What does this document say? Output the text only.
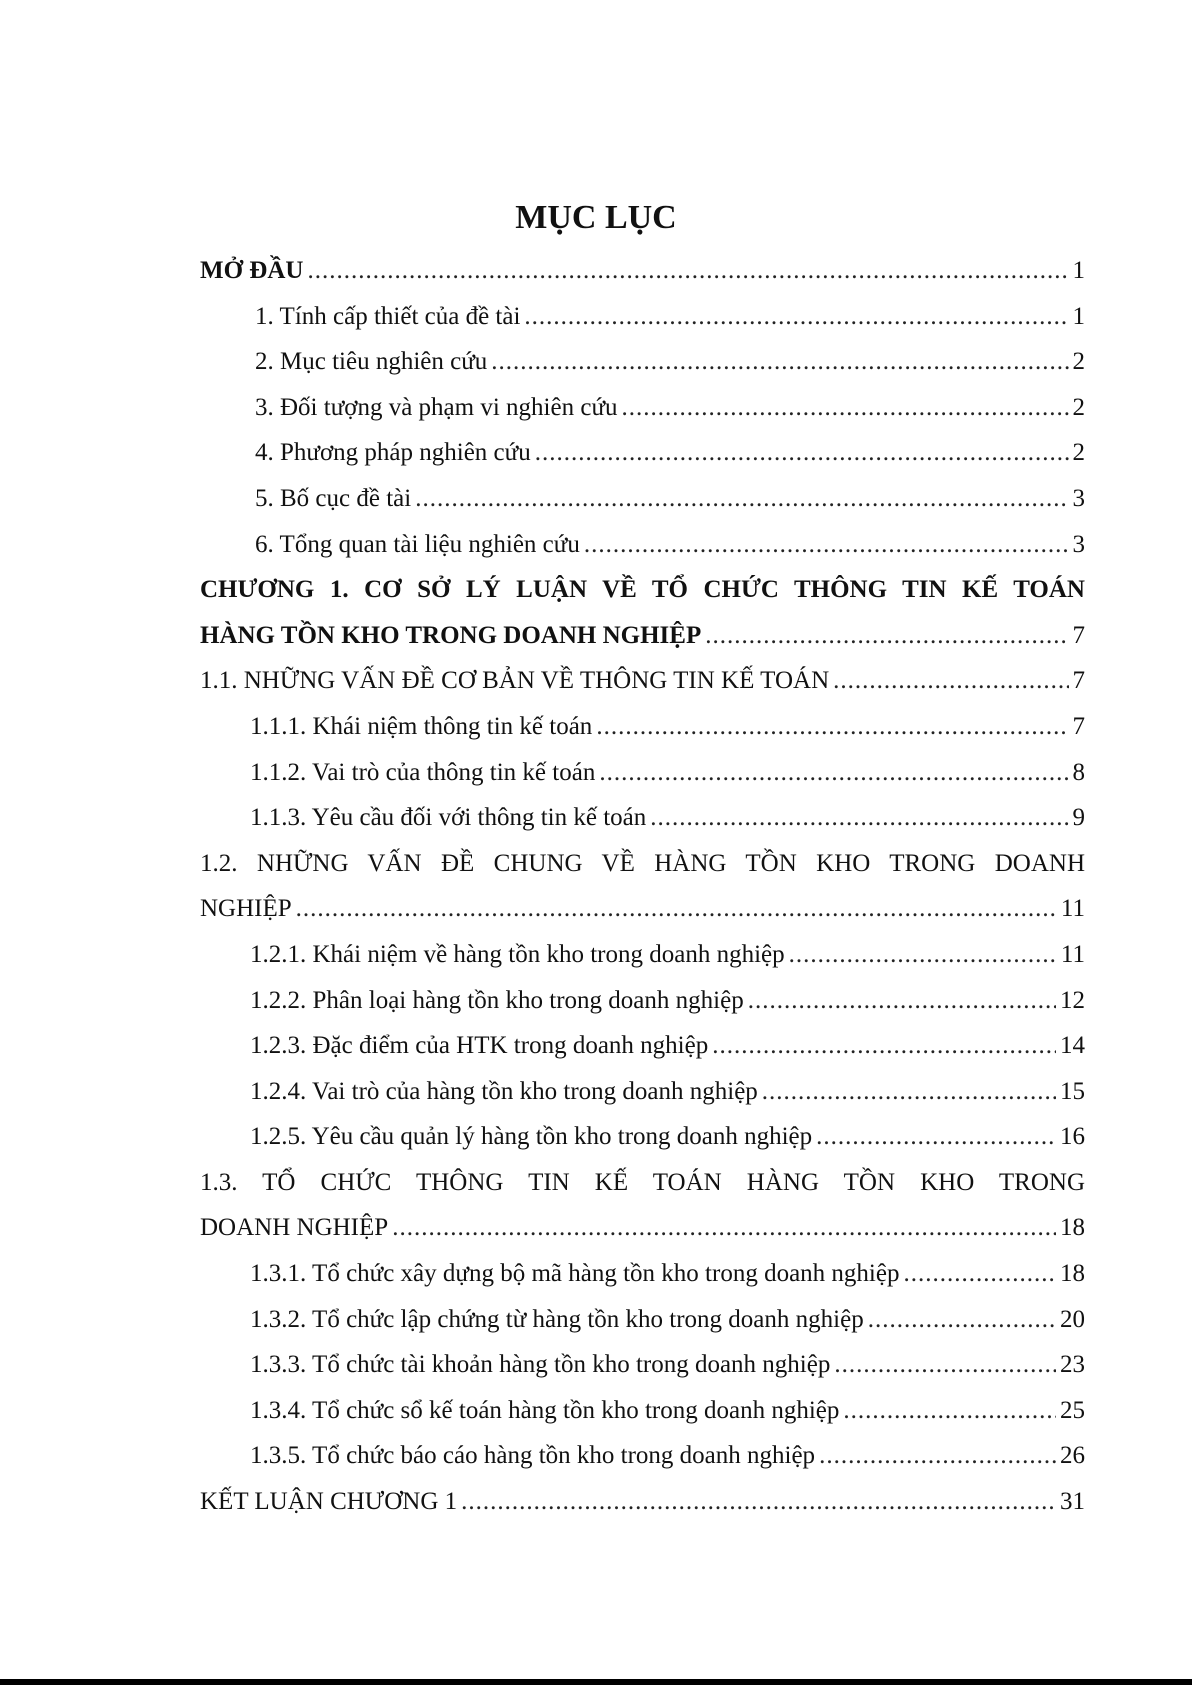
MỤC LỤC
MỞ ĐẦU .....	1
1. Tính cấp thiết của đề tài .....	1
2. Mục tiêu nghiên cứu .....	2
3. Đối tượng và phạm vi nghiên cứu .....	2
4. Phương pháp nghiên cứu .....	2
5. Bố cục đề tài .....	3
6. Tổng quan tài liệu nghiên cứu .....	3
CHƯƠNG 1. CƠ SỞ LÝ LUẬN VỀ TỔ CHỨC THÔNG TIN KẾ TOÁN
HÀNG TỒN KHO TRONG DOANH NGHIỆP .....	7
1.1. NHỮNG VẤN ĐỀ CƠ BẢN VỀ THÔNG TIN KẾ TOÁN .....	7
1.1.1. Khái niệm thông tin kế toán .....	7
1.1.2. Vai trò của thông tin kế toán .....	8
1.1.3. Yêu cầu đối với thông tin kế toán .....	9
1.2. NHỮNG VẤN ĐỀ CHUNG VỀ HÀNG TỒN KHO TRONG DOANH
NGHIỆP .....	11
1.2.1. Khái niệm về hàng tồn kho trong doanh nghiệp .....	11
1.2.2. Phân loại hàng tồn kho trong doanh nghiệp .....	12
1.2.3. Đặc điểm của HTK trong doanh nghiệp .....	14
1.2.4. Vai trò của hàng tồn kho trong doanh nghiệp .....	15
1.2.5. Yêu cầu quản lý hàng tồn kho trong doanh nghiệp .....	16
1.3. TỔ CHỨC THÔNG TIN KẾ TOÁN HÀNG TỒN KHO TRONG
DOANH NGHIỆP .....	18
1.3.1. Tổ chức xây dựng bộ mã hàng tồn kho trong doanh nghiệp .....	18
1.3.2. Tổ chức lập chứng từ hàng tồn kho trong doanh nghiệp .....	20
1.3.3. Tổ chức tài khoản hàng tồn kho trong doanh nghiệp .....	23
1.3.4. Tổ chức sổ kế toán hàng tồn kho trong doanh nghiệp .....	25
1.3.5. Tổ chức báo cáo hàng tồn kho trong doanh nghiệp .....	26
KẾT LUẬN CHƯƠNG 1 .....	31
